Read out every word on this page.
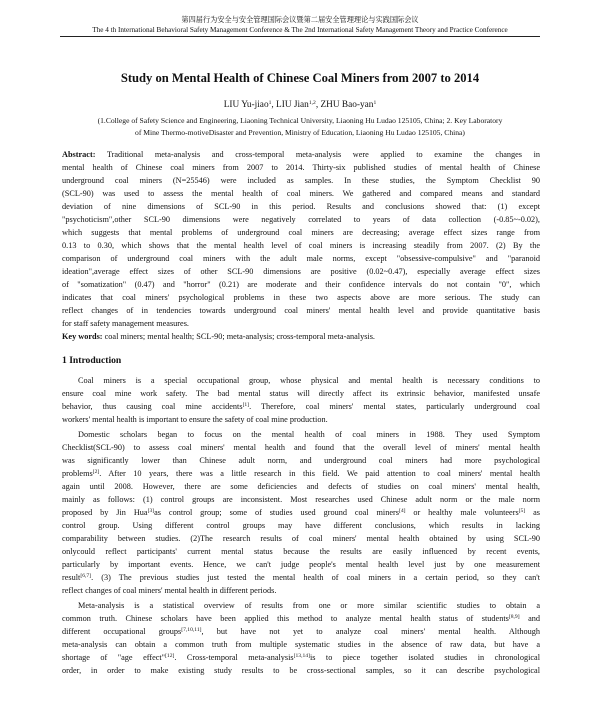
第四届行为安全与安全管理国际会议暨第二届安全管理理论与实践国际会议
The 4 th International Behavioral Safety Management Conference & The 2nd International Safety Management Theory and Practice Conference
Study on Mental Health of Chinese Coal Miners from 2007 to 2014
LIU Yu-jiao$^1$, LIU Jian$^{1,2}$, ZHU Bao-yan$^1$
(1.College of Safety Science and Engineering, Liaoning Technical University, Liaoning Hu Ludao 125105, China; 2. Key Laboratory
of Mine Thermo-motiveDisaster and Prevention, Ministry of Education, Liaoning Hu Ludao 125105, China)
Abstract: Traditional meta-analysis and cross-temporal meta-analysis were applied to examine the changes in
mental health of Chinese coal miners from 2007 to 2014. Thirty-six published studies of mental health of Chinese
underground coal miners (N=25546) were included as samples. In these studies, the Symptom Checklist 90
(SCL-90) was used to assess the mental health of coal miners. We gathered and compared means and standard
deviation of nine dimensions of SCL-90 in this period. Results and conclusions showed that: (1) except
"psychoticism",other SCL-90 dimensions were negatively correlated to years of data collection (-0.85~-0.02),
which suggests that mental problems of underground coal miners are decreasing; average effect sizes range from
0.13 to 0.30, which shows that the mental health level of coal miners is increasing steadily from 2007. (2) By the
comparison of underground coal miners with the adult male norms, except "obsessive-compulsive" and "paranoid
ideation",average effect sizes of other SCL-90 dimensions are positive (0.02~0.47), especially average effect sizes
of "somatization" (0.47) and "horror" (0.21) are moderate and their confidence intervals do not contain "0", which
indicates that coal miners' psychological problems in these two aspects above are more serious. The study can
reflect changes of in tendencies towards underground coal miners' mental health level and provide quantitative basis
for staff safety management measures.
Key words: coal miners; mental health; SCL-90; meta-analysis; cross-temporal meta-analysis.
1 Introduction
Coal miners is a special occupational group, whose physical and mental health is necessary conditions to
ensure coal mine work safety. The bad mental status will directly affect its extrinsic behavior, manifested unsafe
behavior, thus causing coal mine accidents[1]. Therefore, coal miners' mental states, particularly underground coal
workers' mental health is important to ensure the safety of coal mine production.
Domestic scholars began to focus on the mental health of coal miners in 1988. They used Symptom
Checklist(SCL-90) to assess coal miners' mental health and found that the overall level of miners' mental health
was significantly lower than Chinese adult norm, and underground coal miners had more psychological
problems[2]. After 10 years, there was a little research in this field. We paid attention to coal miners' mental health
again until 2008. However, there are some deficiencies and defects of studies on coal miners' mental health,
mainly as follows: (1) control groups are inconsistent. Most researches used Chinese adult norm or the male norm
proposed by Jin Hua[3]as control group; some of studies used ground coal miners[4] or healthy male volunteers[5] as
control group. Using different control groups may have different conclusions, which results in lacking
comparability between studies. (2)The research results of coal miners' mental health obtained by using SCL-90
onlycould reflect participants' current mental status because the results are easily influenced by recent events,
particularly by important events. Hence, we can't judge people's mental health level just by one measurement
result[6,7]. (3) The previous studies just tested the mental health of coal miners in a certain period, so they can't
reflect changes of coal miners' mental health in different periods.
Meta-analysis is a statistical overview of results from one or more similar scientific studies to obtain a
common truth. Chinese scholars have been applied this method to analyze mental health status of students[8,9] and
different occupational groups[7,10,11], but have not yet to analyze coal miners' mental health. Although
meta-analysis can obtain a common truth from multiple systematic studies in the absence of raw data, but have a
shortage of "age effect"[12]. Cross-temporal meta-analysis[13,14]is to piece together isolated studies in chronological
order, in order to make existing study results to be cross-sectional samples, so it can describe psychological
